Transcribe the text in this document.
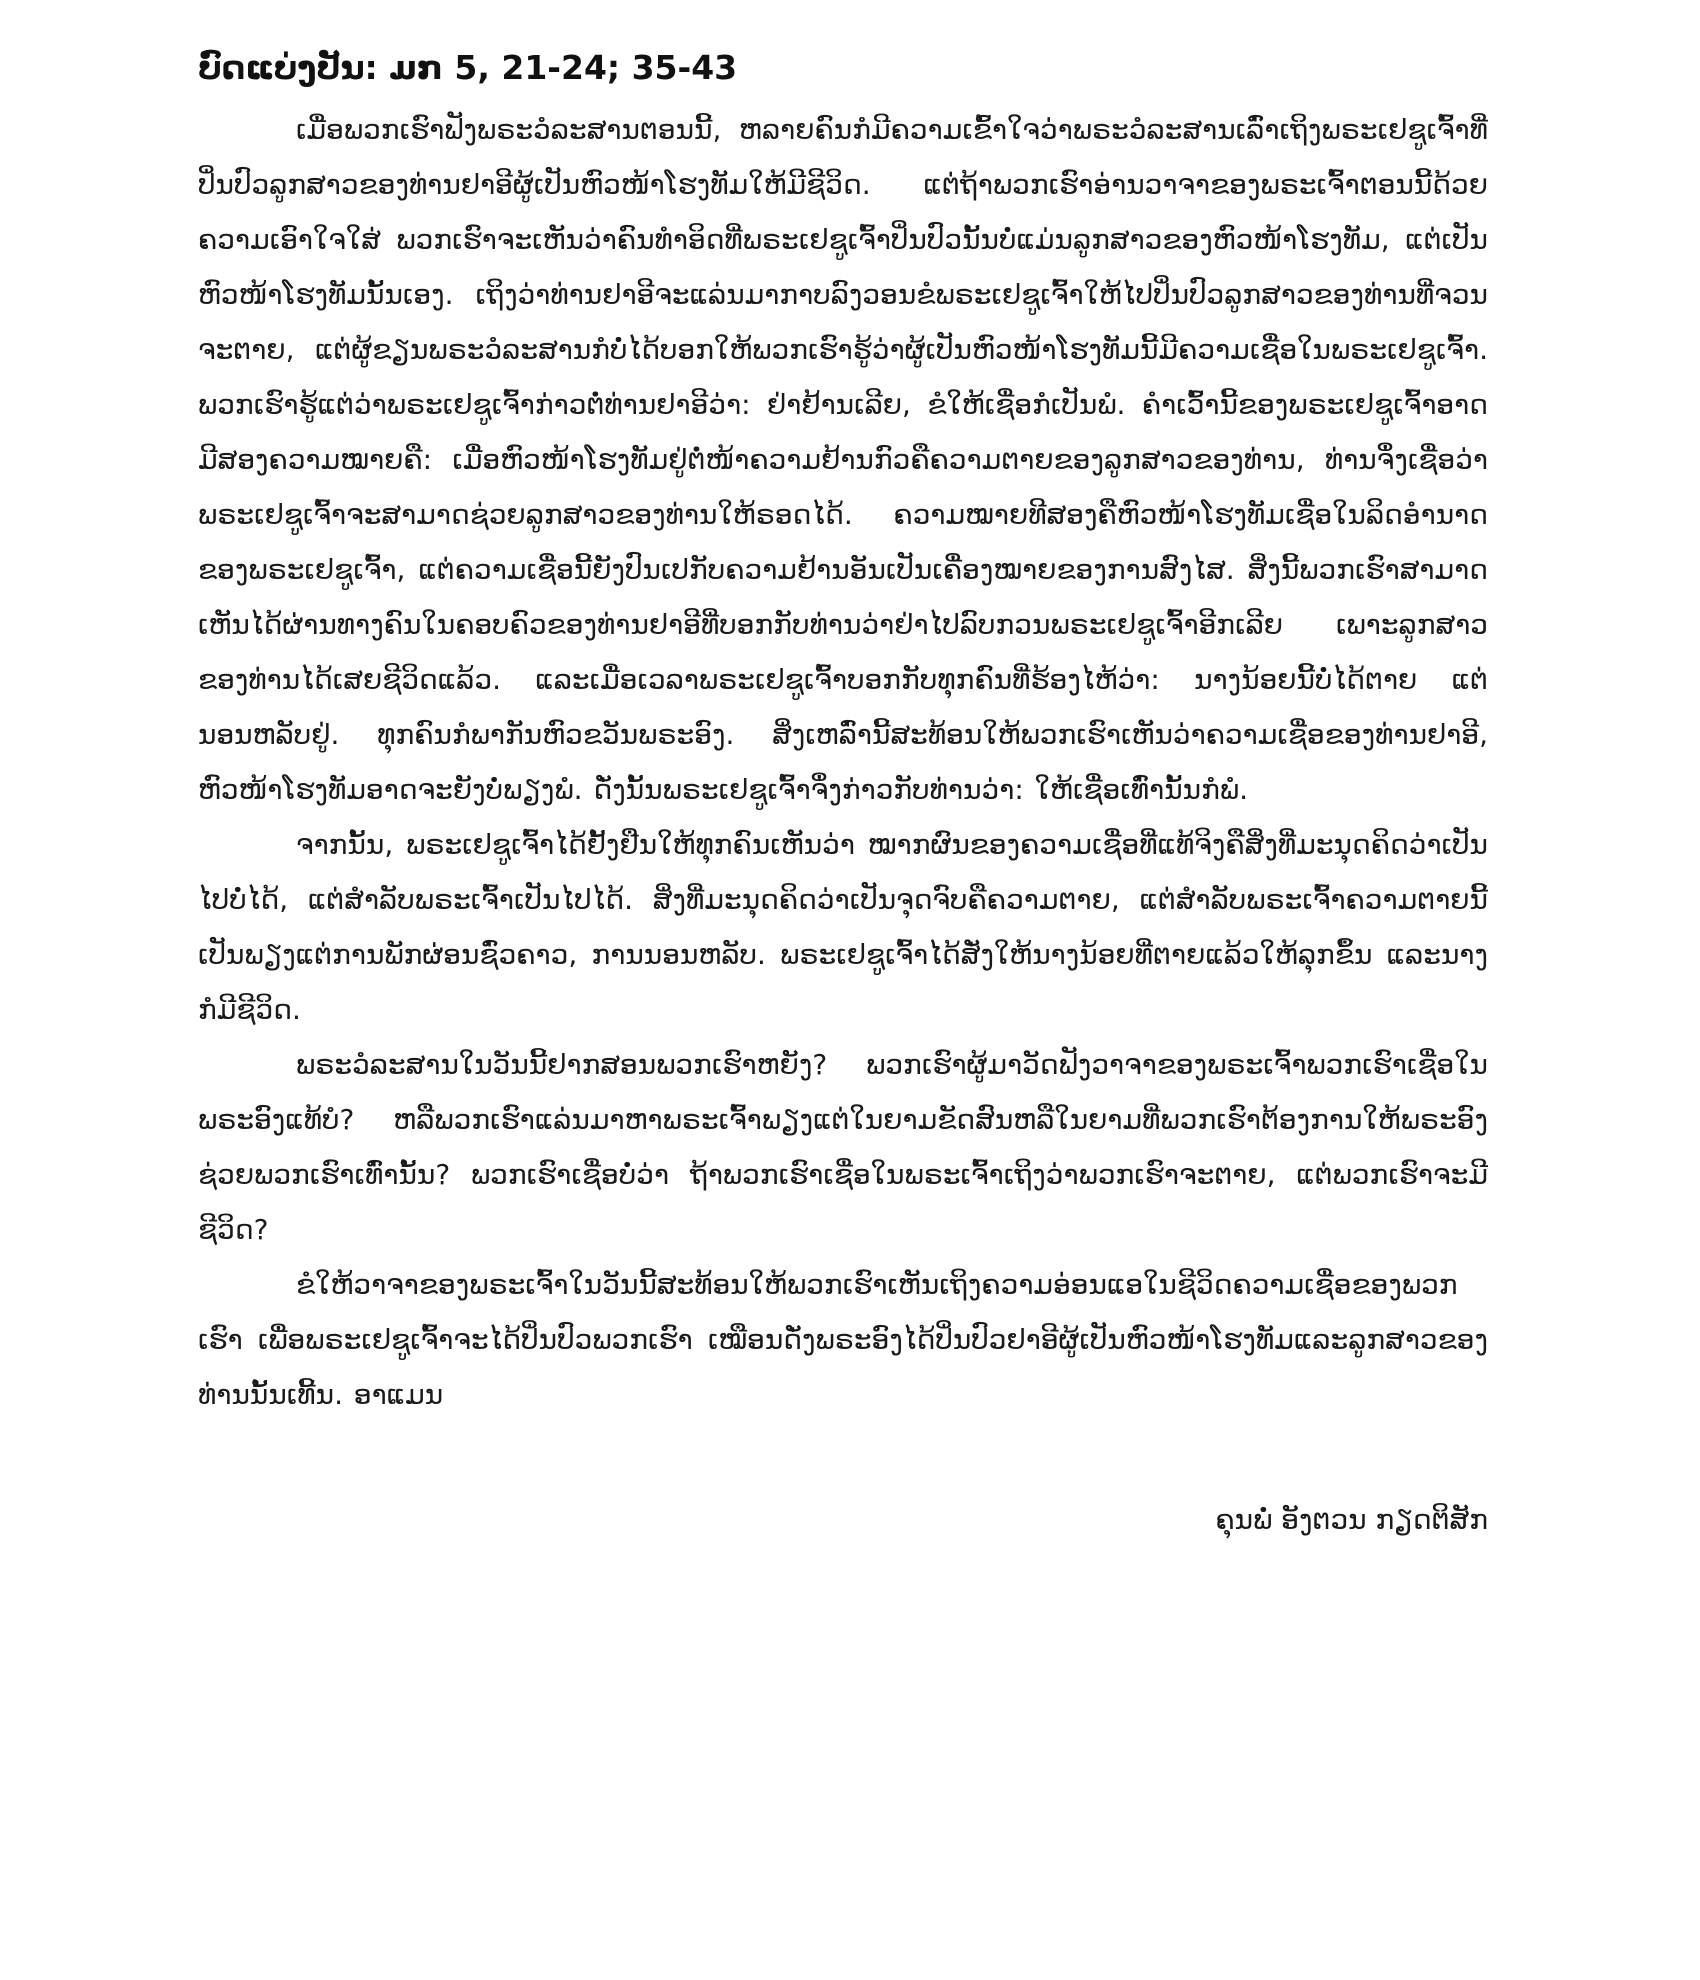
ບົດແບ່ງປັນ: ມກ 5, 21-24; 35-43

ເມື່ອພວກເຮົາຟັງພຣະວໍລະສານຕອນນີ້, ຫລາຍຄົນກໍມີຄວາມເຂົ້າໃຈວ່າພຣະວໍລະສານເລົ່າເຖິງພຣະເຢຊູເຈົ້າທີ່ປິ່ນປົວລູກສາວຂອງທ່ານຢາອີຜູ້ເປັນຫົວໜ້າໂຮງທັມໃຫ້ມີຊີວິດ. ແຕ່ຖ້າພວກເຮົາອ່ານວາຈາຂອງພຣະເຈົ້າຕອນນີ້ດ້ວຍຄວາມເອົາໃຈໃສ່ ພວກເຮົາຈະເຫັນວ່າຄົນທຳອິດທີ່ພຣະເຢຊູເຈົ້າປິ່ນປົວນັ້ນບໍ່ແມ່ນລູກສາວຂອງຫົວໜ້າໂຮງທັມ, ແຕ່ເປັນຫົວໜ້າໂຮງທັມນັ້ນເອງ. ເຖິງວ່າທ່ານຢາອີຈະແລ່ນມາກາບລົງວອນຂໍພຣະເຢຊູເຈົ້າໃຫ້ໄປປິ່ນປົວລູກສາວຂອງທ່ານທີ່ຈວນຈະຕາຍ, ແຕ່ຜູ້ຂຽນພຣະວໍລະສານກໍບໍ່ໄດ້ບອກໃຫ້ພວກເຮົາຮູ້ວ່າຜູ້ເປັນຫົວໜ້າໂຮງທັມນີ້ມີຄວາມເຊື່ອໃນພຣະເຢຊູເຈົ້າ. ພວກເຮົາຮູ້ແຕ່ວ່າພຣະເຢຊູເຈົ້າກ່າວຕໍ່ທ່ານຢາອີວ່າ: ຢ່າຢ້ານເລີຍ, ຂໍໃຫ້ເຊື່ອກໍເປັນພໍ. ຄຳເວົ້ານີ້ຂອງພຣະເຢຊູເຈົ້າອາດມີສອງຄວາມໝາຍຄື: ເມື່ອຫົວໜ້າໂຮງທັມຢູ່ຕໍ່ໜ້າຄວາມຢ້ານກົວຄືຄວາມຕາຍຂອງລູກສາວຂອງທ່ານ, ທ່ານຈຶ່ງເຊື່ອວ່າພຣະເຢຊູເຈົ້າຈະສາມາດຊ່ວຍລູກສາວຂອງທ່ານໃຫ້ຣອດໄດ້. ຄວາມໝາຍທີສອງຄືຫົວໜ້າໂຮງທັມເຊື່ອໃນລິດອຳນາດຂອງພຣະເຢຊູເຈົ້າ, ແຕ່ຄວາມເຊື່ອນີ້ຍັງປົນເປກັບຄວາມຢ້ານອັນເປັນເຄື່ອງໝາຍຂອງການສົງໄສ. ສິ່ງນີ້ພວກເຮົາສາມາດເຫັນໄດ້ຜ່ານທາງຄົນໃນຄອບຄົວຂອງທ່ານຢາອີທີ່ບອກກັບທ່ານວ່າຢ່າໄປລົບກວນພຣະເຢຊູເຈົ້າອີກເລີຍ ເພາະລູກສາວຂອງທ່ານໄດ້ເສຍຊີວິດແລ້ວ. ແລະເມື່ອເວລາພຣະເຢຊູເຈົ້າບອກກັບທຸກຄົນທີ່ຮ້ອງໄຫ້ວ່າ: ນາງນ້ອຍນີ້ບໍ່ໄດ້ຕາຍ ແຕ່ນອນຫລັບຢູ່. ທຸກຄົນກໍພາກັນຫົວຂວັນພຣະອົງ. ສິ່ງເຫລົ່ານີ້ສະທ້ອນໃຫ້ພວກເຮົາເຫັນວ່າຄວາມເຊື່ອຂອງທ່ານຢາອີ, ຫົວໜ້າໂຮງທັມອາດຈະຍັງບໍ່ພຽງພໍ. ດັ່ງນັ້ນພຣະເຢຊູເຈົ້າຈຶ່ງກ່າວກັບທ່ານວ່າ: ໃຫ້ເຊື່ອເທົ່ານັ້ນກໍພໍ.

ຈາກນັ້ນ, ພຣະເຢຊູເຈົ້າໄດ້ຢັ້ງຢືນໃຫ້ທຸກຄົນເຫັນວ່າ ໝາກຜົນຂອງຄວາມເຊື່ອທີ່ແທ້ຈິງຄືສິ່ງທີ່ມະນຸດຄິດວ່າເປັນໄປບໍ່ໄດ້, ແຕ່ສຳລັບພຣະເຈົ້າເປັນໄປໄດ້. ສິ່ງທີ່ມະນຸດຄິດວ່າເປັນຈຸດຈົບຄືຄວາມຕາຍ, ແຕ່ສຳລັບພຣະເຈົ້າຄວາມຕາຍນີ້ເປັນພຽງແຕ່ການພັກຜ່ອນຊົ່ວຄາວ, ການນອນຫລັບ. ພຣະເຢຊູເຈົ້າໄດ້ສັ່ງໃຫ້ນາງນ້ອຍທີ່ຕາຍແລ້ວໃຫ້ລຸກຂຶ້ນ ແລະນາງກໍມີຊີວິດ.

ພຣະວໍລະສານໃນວັນນີ້ຢາກສອນພວກເຮົາຫຍັງ? ພວກເຮົາຜູ້ມາວັດຟັງວາຈາຂອງພຣະເຈົ້າພວກເຮົາເຊື່ອໃນພຣະອົງແທ້ບໍ? ຫລືພວກເຮົາແລ່ນມາຫາພຣະເຈົ້າພຽງແຕ່ໃນຍາມຂັດສົນຫລືໃນຍາມທີ່ພວກເຮົາຕ້ອງການໃຫ້ພຣະອົງຊ່ວຍພວກເຮົາເທົ່ານັ້ນ? ພວກເຮົາເຊື່ອບໍ່ວ່າ ຖ້າພວກເຮົາເຊື່ອໃນພຣະເຈົ້າເຖິງວ່າພວກເຮົາຈະຕາຍ, ແຕ່ພວກເຮົາຈະມີຊີວິດ?

ຂໍໃຫ້ວາຈາຂອງພຣະເຈົ້າໃນວັນນີ້ສະທ້ອນໃຫ້ພວກເຮົາເຫັນເຖິງຄວາມອ່ອນແອໃນຊີວິດຄວາມເຊື່ອຂອງພວກເຮົາ ເພື່ອພຣະເຢຊູເຈົ້າຈະໄດ້ປິ່ນປົວພວກເຮົາ ເໝືອນດັ່ງພຣະອົງໄດ້ປິ່ນປົວຢາອີຜູ້ເປັນຫົວໜ້າໂຮງທັມແລະລູກສາວຂອງທ່ານນັ້ນເທີ້ນ. ອາແມນ

ຄຸນພໍ່ ອັງຕວນ ກຽດຕິສັກ
